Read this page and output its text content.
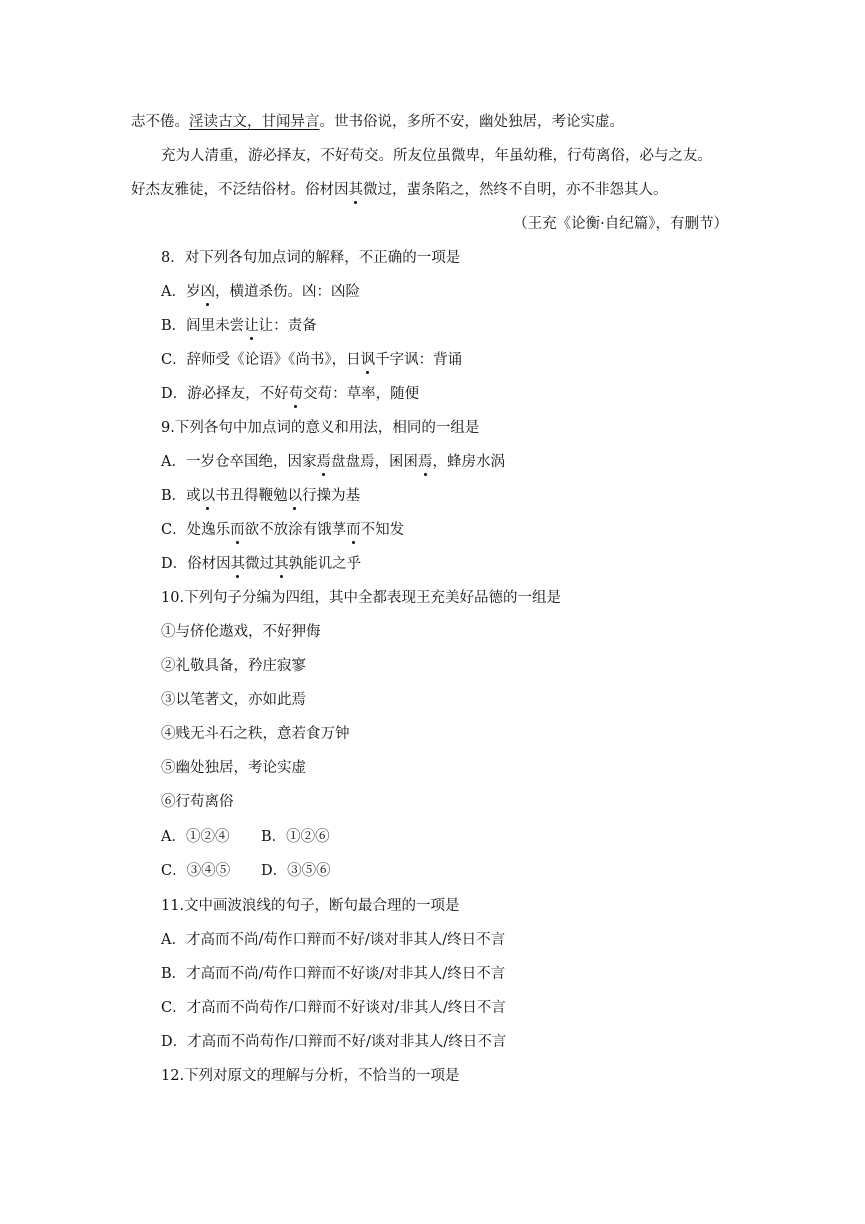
志不倦。淫读古文，甘闻异言。世书俗说，多所不安，幽处独居，考论实虚。
充为人清重，游必择友，不好苟交。所友位虽微卑，年虽幼稚，行苟离俗，必与之友。
好杰友雅徒，不泛结俗材。俗材因其微过，蜚条陷之，然终不自明，亦不非怨其人。
（王充《论衡·自纪篇》，有删节）
8．对下列各句加点词的解释，不正确的一项是
A．岁凶，横道杀伤。凶：凶险
B．闾里未尝让让：责备
C．辞师受《论语》《尚书》，日讽千字讽：背诵
D．游必择友，不好苟交苟：草率，随便
9.下列各句中加点词的意义和用法，相同的一组是
A．一岁仓卒国绝，因家焉盘盘焉，囷囷焉，蜂房水涡
B．或以书丑得鞭勉以行操为基
C．处逸乐而欲不放涂有饿莩而不知发
D．俗材因其微过其孰能讥之乎
10.下列句子分编为四组，其中全都表现王充美好品德的一组是
①与侪伦遨戏，不好狎侮
②礼敬具备，矜庄寂寥
③以笔著文，亦如此焉
④贱无斗石之秩，意若食万钟
⑤幽处独居，考论实虚
⑥行苟离俗
A．①②④ B．①②⑥
C．③④⑤ D．③⑤⑥
11.文中画波浪线的句子，断句最合理的一项是
A．才高而不尚/苟作口辩而不好/谈对非其人/终日不言
B．才高而不尚/苟作口辩而不好谈/对非其人/终日不言
C．才高而不尚苟作/口辩而不好谈对/非其人/终日不言
D．才高而不尚苟作/口辩而不好/谈对非其人/终日不言
12.下列对原文的理解与分析，不恰当的一项是
